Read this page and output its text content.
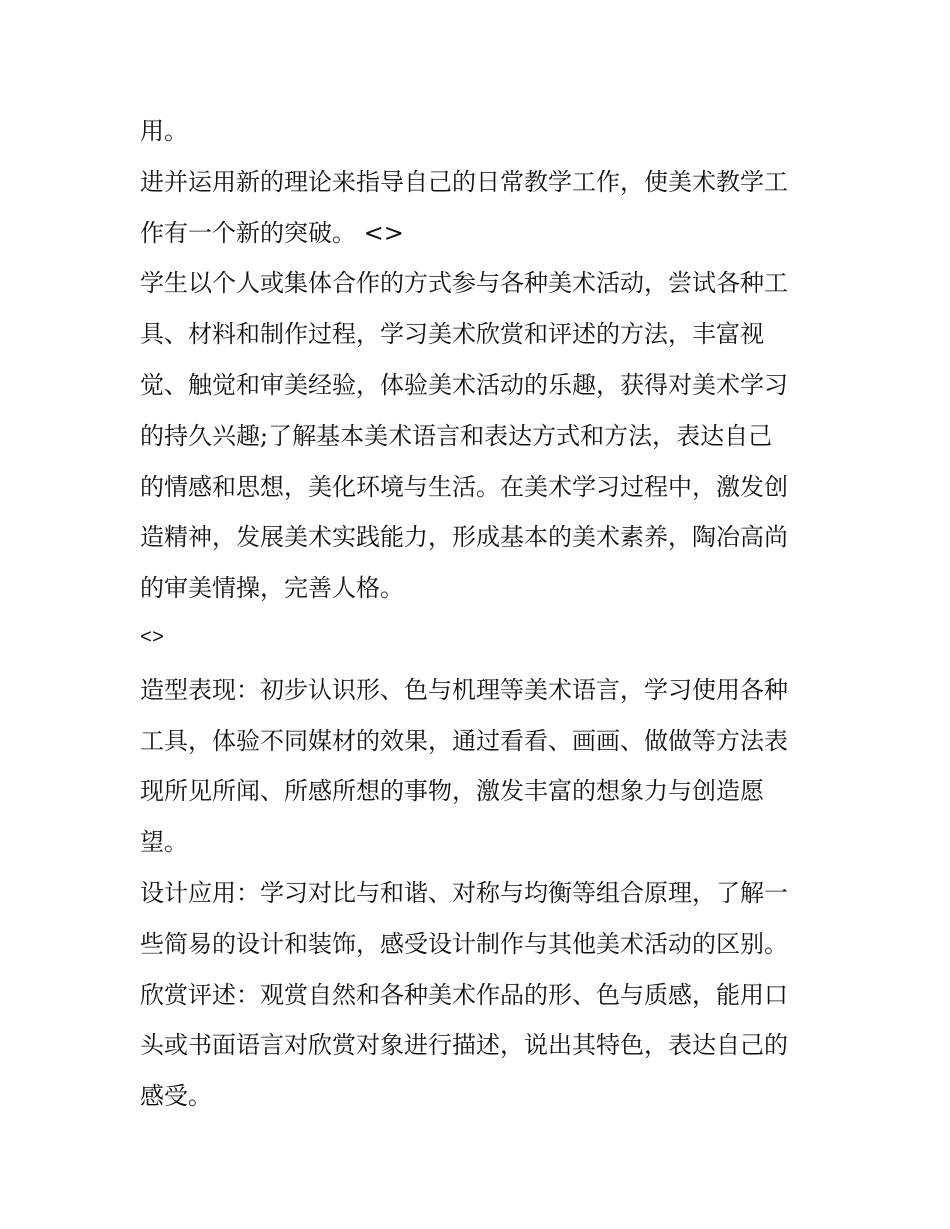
用。
进并运用新的理论来指导自己的日常教学工作，使美术教学工
作有一个新的突破。 <>
学生以个人或集体合作的方式参与各种美术活动，尝试各种工
具、材料和制作过程，学习美术欣赏和评述的方法，丰富视
觉、触觉和审美经验，体验美术活动的乐趣，获得对美术学习
的持久兴趣;了解基本美术语言和表达方式和方法，表达自己
的情感和思想，美化环境与生活。在美术学习过程中，激发创
造精神，发展美术实践能力，形成基本的美术素养，陶冶高尚
的审美情操，完善人格。
<>
造型表现：初步认识形、色与机理等美术语言，学习使用各种
工具，体验不同媒材的效果，通过看看、画画、做做等方法表
现所见所闻、所感所想的事物，激发丰富的想象力与创造愿
望。
设计应用：学习对比与和谐、对称与均衡等组合原理，了解一
些简易的设计和装饰，感受设计制作与其他美术活动的区别。
欣赏评述：观赏自然和各种美术作品的形、色与质感，能用口
头或书面语言对欣赏对象进行描述，说出其特色，表达自己的
感受。
